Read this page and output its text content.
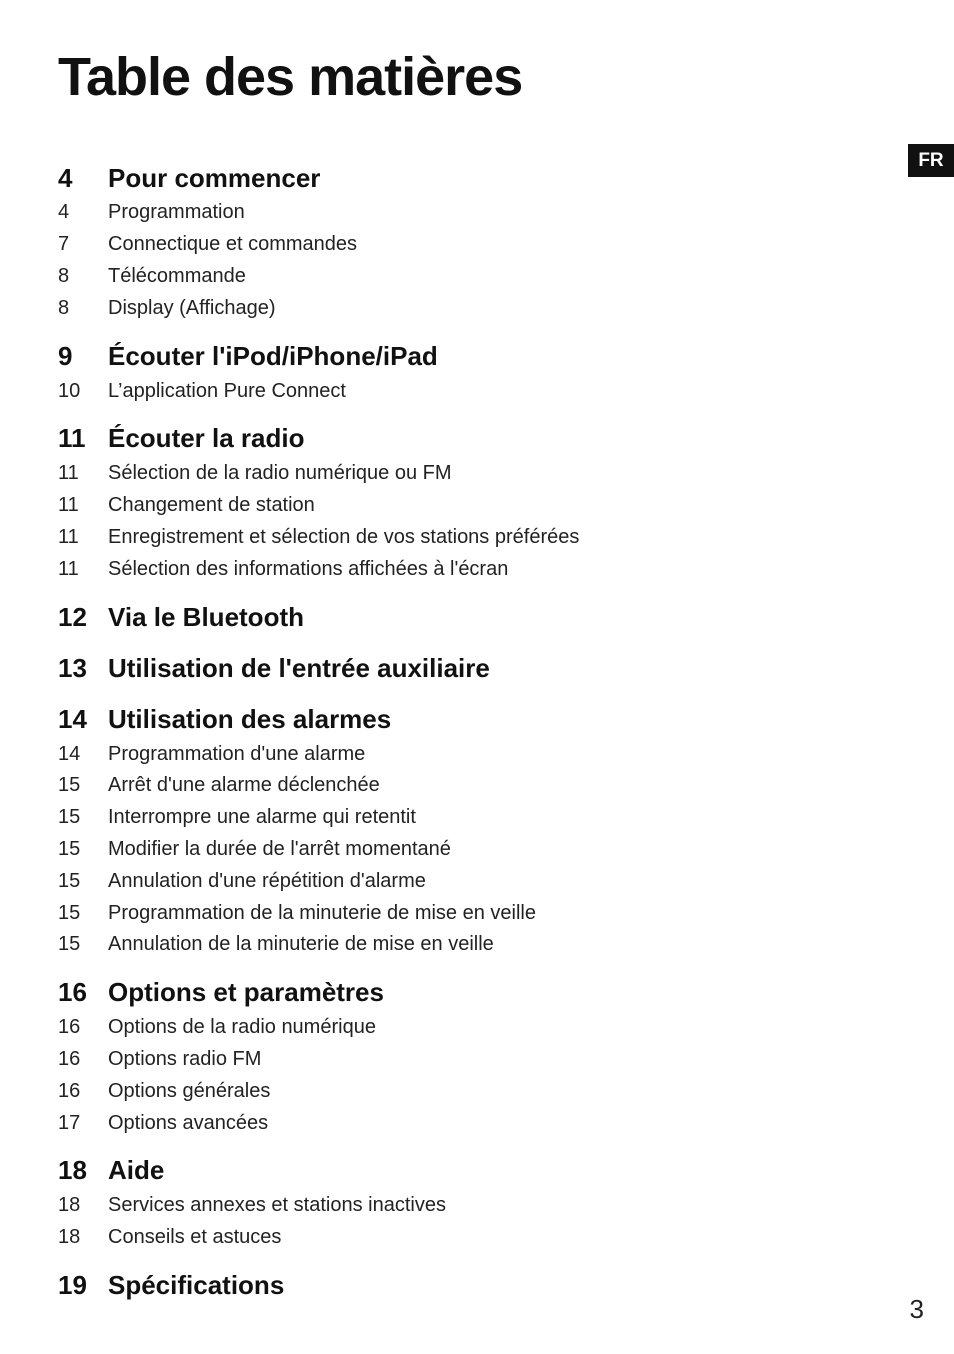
Table des matières
FR
4	Pour commencer
4	Programmation
7	Connectique et commandes
8	Télécommande
8	Display (Affichage)
9	Écouter l'iPod/iPhone/iPad
10	L’application Pure Connect
11 Écouter la radio
11	Sélection de la radio numérique ou FM
11	Changement de station
11	Enregistrement et sélection de vos stations préférées
11	Sélection des informations affichées à l'écran
12 Via le Bluetooth
13 Utilisation de l'entrée auxiliaire
14 Utilisation des alarmes
14	Programmation d'une alarme
15	Arrêt d'une alarme déclenchée
15	Interrompre une alarme qui retentit
15	Modifier la durée de l'arrêt momentané
15	Annulation d'une répétition d'alarme
15	Programmation de la minuterie de mise en veille
15	Annulation de la minuterie de mise en veille
16 Options et paramètres
16	Options de la radio numérique
16	Options radio FM
16	Options générales
17	Options avancées
18 Aide
18	Services annexes et stations inactives
18	Conseils et astuces
19 Spécifications
3
